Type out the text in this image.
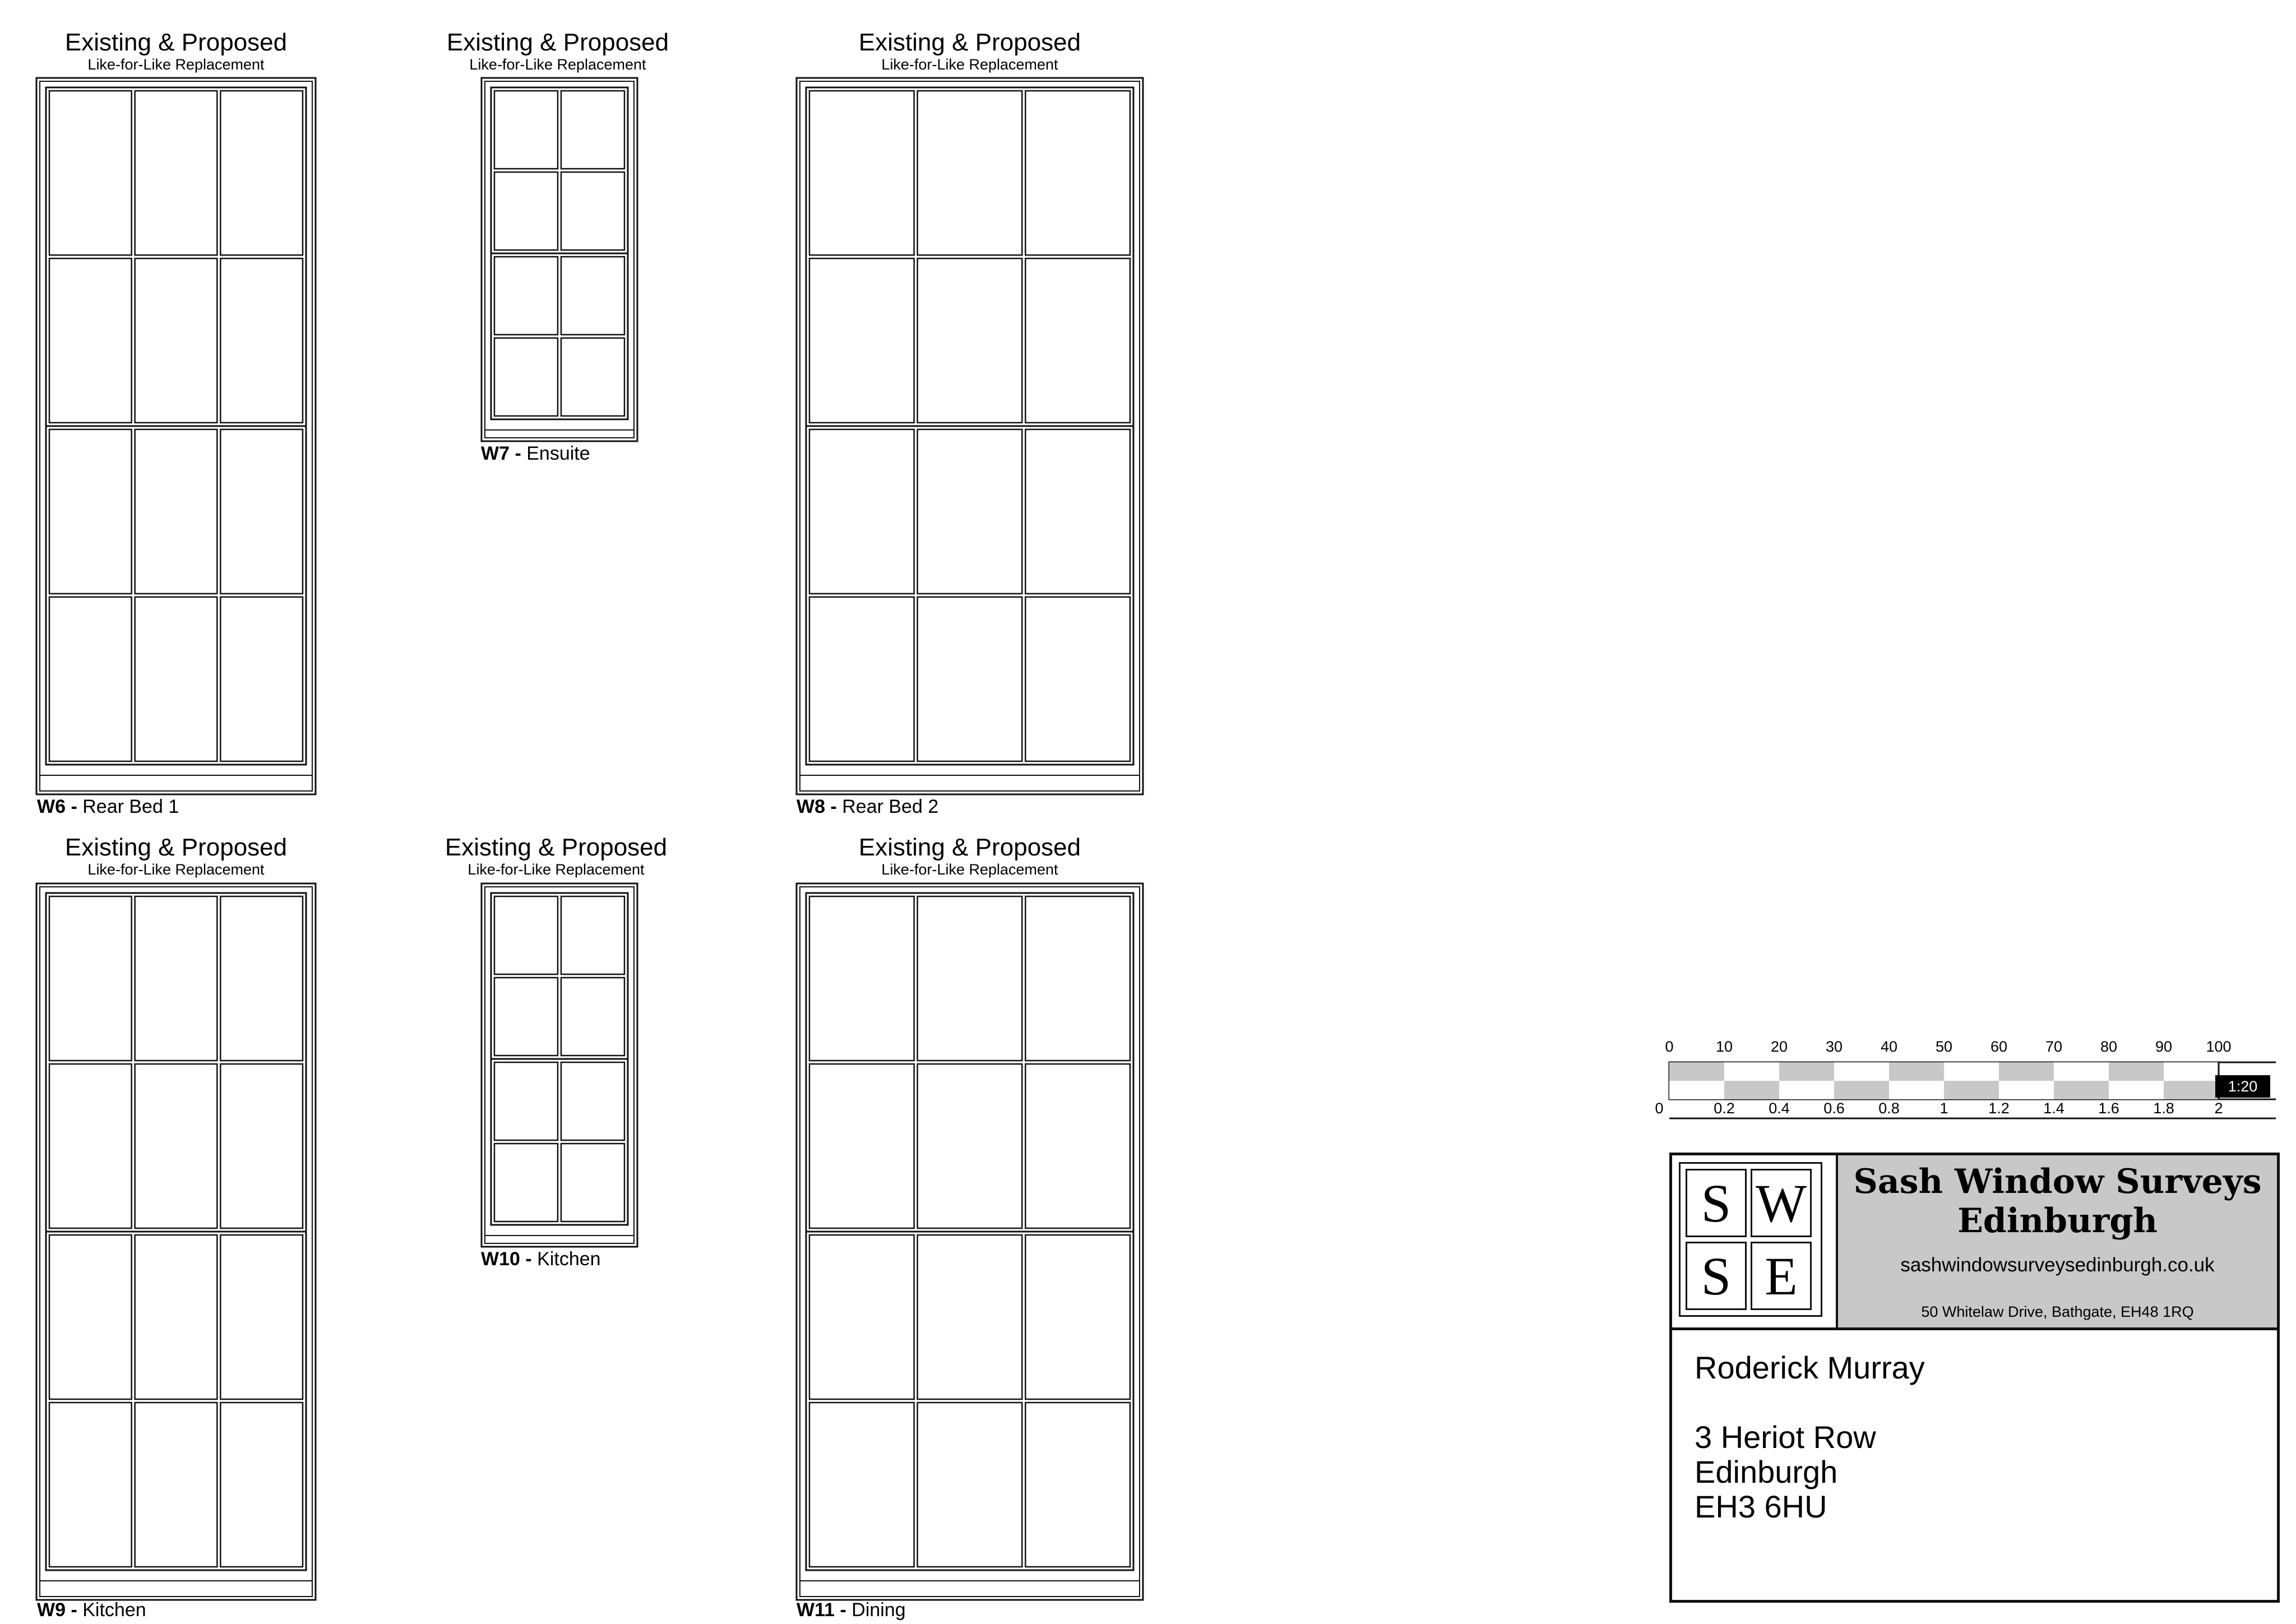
Existing & Proposed
Like-for-Like Replacement
W6 - Rear Bed 1
Existing & Proposed
Like-for-Like Replacement
W7 - Ensuite
Existing & Proposed
Like-for-Like Replacement
W8 - Rear Bed 2
Existing & Proposed
Like-for-Like Replacement
W9 - Kitchen
Existing & Proposed
Like-for-Like Replacement
W10 - Kitchen
Existing & Proposed
Like-for-Like Replacement
W11 - Dining
0	10	20	30	40	50	60	70	80	90 100
0	0.2 0.4 0.6 0.8	1	1.2 1.4 1.6 1.8	2
1:20
S W
S E
Sash Window Surveys
Edinburgh
sashwindowsurveysedinburgh.co.uk
50 Whitelaw Drive, Bathgate, EH48 1RQ
Roderick Murray
3 Heriot Row
Edinburgh
EH3 6HU
